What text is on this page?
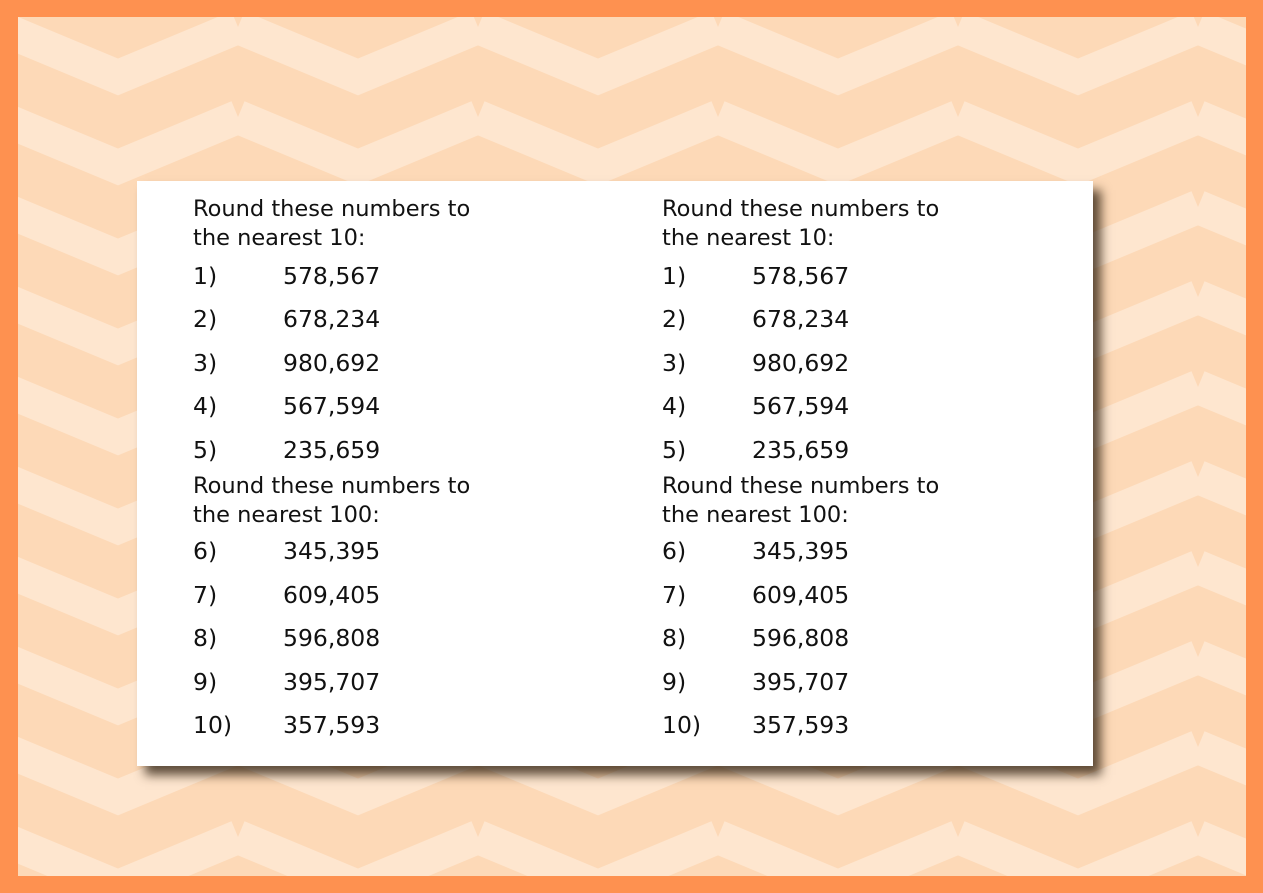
Round these numbers to
the nearest 10:

1)	578,567
2)	678,234
3)	980,692
4)	567,594
5)	235,659

Round these numbers to
the nearest 100:

6)	345,395
7)	609,405
8)	596,808
9)	395,707
10)	357,593

Round these numbers to
the nearest 10:

1)	578,567
2)	678,234
3)	980,692
4)	567,594
5)	235,659

Round these numbers to
the nearest 100:

6)	345,395
7)	609,405
8)	596,808
9)	395,707
10)	357,593
